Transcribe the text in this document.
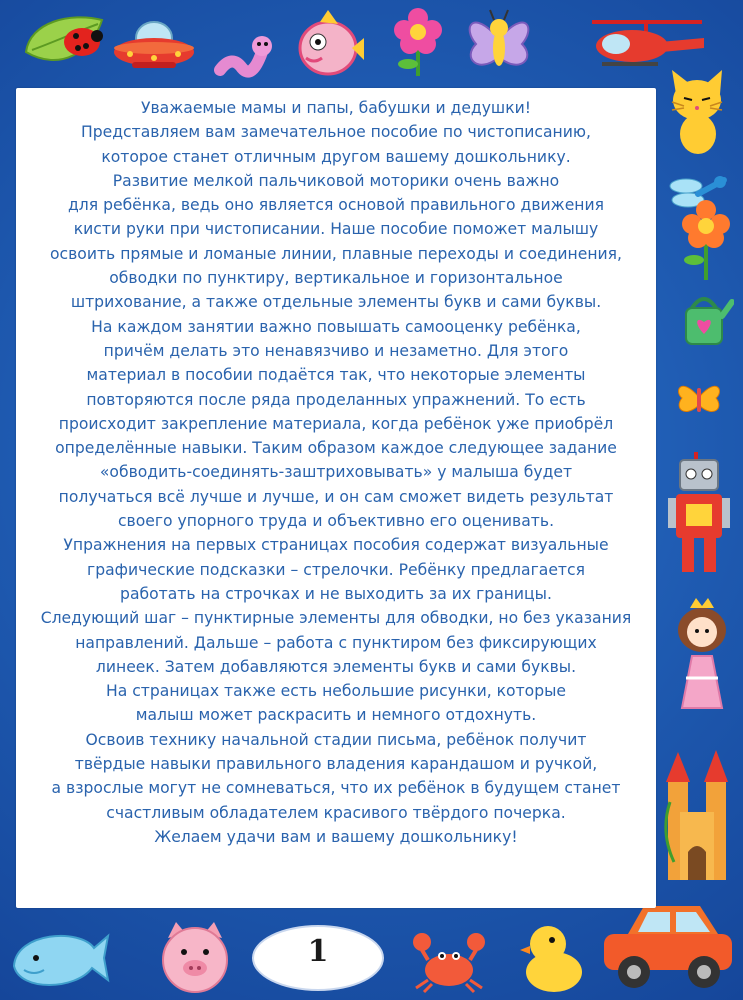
Уважаемые мамы и папы, бабушки и дедушки!
Представляем вам замечательное пособие по чистописанию,
которое станет отличным другом вашему дошкольнику.
Развитие мелкой пальчиковой моторики очень важно
для ребёнка, ведь оно является основой правильного движения
кисти руки при чистописании. Наше пособие поможет малышу
освоить прямые и ломаные линии, плавные переходы и соединения,
обводки по пунктиру, вертикальное и горизонтальное
штрихование, а также отдельные элементы букв и сами буквы.
На каждом занятии важно повышать самооценку ребёнка,
причём делать это ненавязчиво и незаметно. Для этого
материал в пособии подаётся так, что некоторые элементы
повторяются после ряда проделанных упражнений. То есть
происходит закрепление материала, когда ребёнок уже приобрёл
определённые навыки. Таким образом каждое следующее задание
«обводить-соединять-заштриховывать» у малыша будет
получаться всё лучше и лучше, и он сам сможет видеть результат
своего упорного труда и объективно его оценивать.
Упражнения на первых страницах пособия содержат визуальные
графические подсказки – стрелочки. Ребёнку предлагается
работать на строчках и не выходить за их границы.
Следующий шаг – пунктирные элементы для обводки, но без указания
направлений. Дальше – работа с пунктиром без фиксирующих
линеек. Затем добавляются элементы букв и сами буквы.
На страницах также есть небольшие рисунки, которые
малыш может раскрасить и немного отдохнуть.
Освоив технику начальной стадии письма, ребёнок получит
твёрдые навыки правильного владения карандашом и ручкой,
а взрослые могут не сомневаться, что их ребёнок в будущем станет
счастливым обладателем красивого твёрдого почерка.
Желаем удачи вам и вашему дошкольнику!
1
